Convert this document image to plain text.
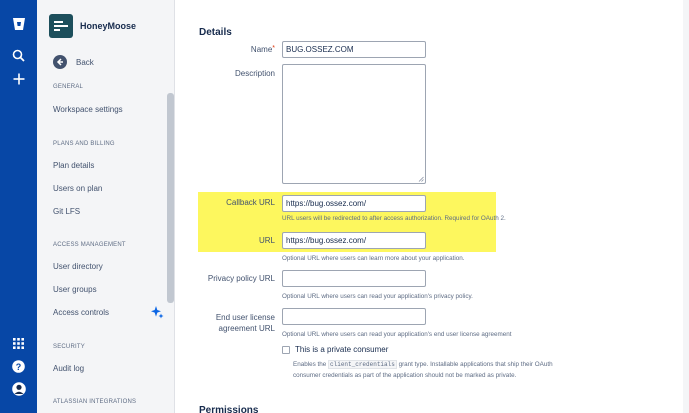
?
HoneyMoose
Back
GENERAL
Workspace settings
PLANS AND BILLING
Plan details
Users on plan
Git LFS
ACCESS MANAGEMENT
User directory
User groups
Access controls
SECURITY
Audit log
ATLASSIAN INTEGRATIONS
Details
Name*	BUG.OSSEZ.COM
Description
Callback URL	https://bug.ossez.com/
URL users will be redirected to after access authorization. Required for OAuth 2.
URL	https://bug.ossez.com/
Optional URL where users can learn more about your application.
Privacy policy URL
Optional URL where users can read your application's privacy policy.
End user license
agreement URL
Optional URL where users can read your application's end user license agreement
This is a private consumer
Enables the client_credentials grant type. Installable applications that ship their OAuth consumer credentials as part of the application should not be marked as private.
Permissions
